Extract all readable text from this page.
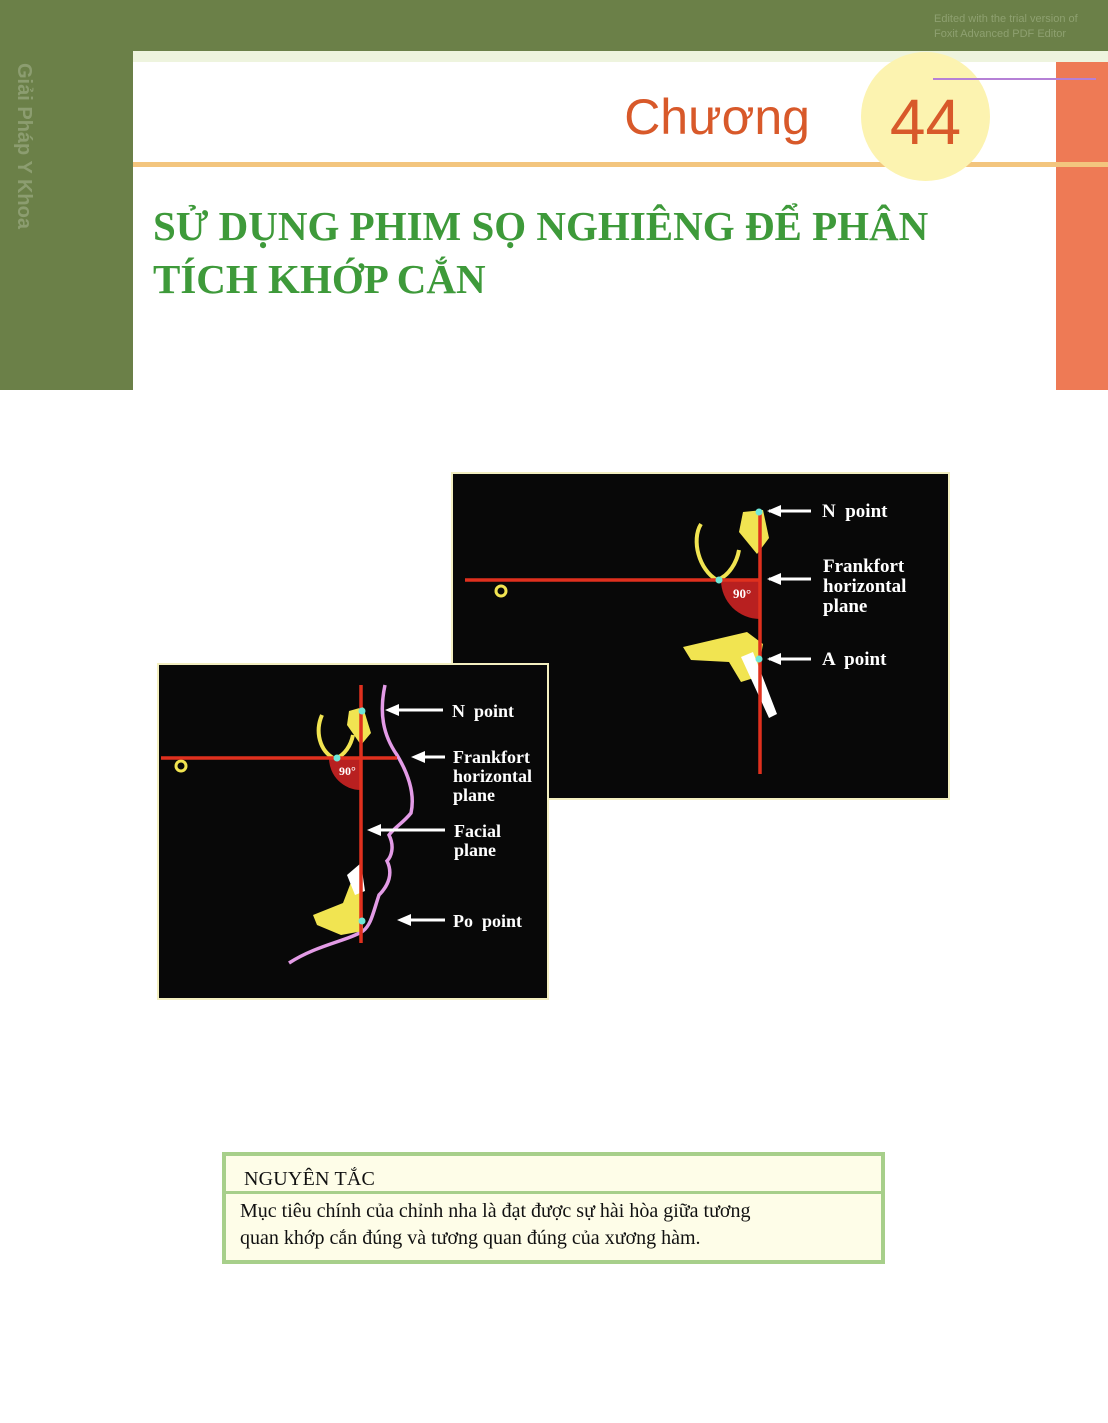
Giải Pháp Y Khoa
Edited with the trial version of
Foxit Advanced PDF Editor
Chương	44
SỬ DỤNG PHIM SỌ NGHIÊNG ĐỂ PHÂN
TÍCH KHỚP CẮN
90°
N  point
Frankfort
horizontal
plane
A  point
90°
N  point
Frankfort
horizontal
plane
Facial
plane
Po  point
NGUYÊN TẮC
Mục tiêu chính của chỉnh nha là đạt được sự hài hòa giữa tương
quan khớp cắn đúng và tương quan đúng của xương hàm.
